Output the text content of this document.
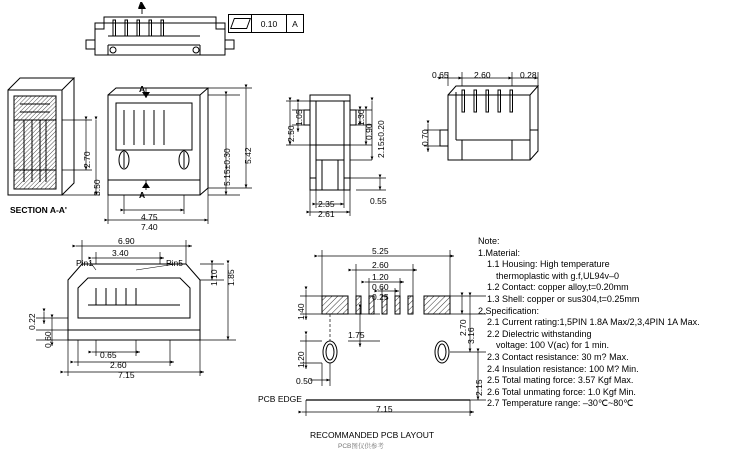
0.10	A
A
A
A
SECTION A-A'
2.70
3.50
4.75
7.40
5.15±0.30 5.42
1.05
2.50
1.30
0.90 2.15±0.20
2.35
2.61
0.55
0.65	2.60	0.28
0.70
6.90
3.40
Pin1	Pin5
1.10 1.85
0.22
0.60
0.65
2.60
7.15
5.25
2.60
1.20
0.60
0.25
1.40
1.20
1.75	2.70
3.16
2.15
0.50
7.15
PCB EDGE
RECOMMANDED PCB LAYOUT
PCB图仅供参考
Note:
1.Material:
1.1 Housing: High temperature
thermoplastic with g.f,UL94v–0
1.2 Contact: copper alloy,t=0.20mm
1.3 Shell: copper or sus304,t=0.25mm
2.Specification:
2.1 Current rating:1,5PIN 1.8A Max/2,3,4PIN 1A Max.
2.2 Dielectric withstanding
voltage: 100 V(ac) for 1 min.
2.3 Contact resistance: 30 m? Max.
2.4 Insulation resistance: 100 M? Min.
2.5 Total mating force: 3.57 Kgf Max.
2.6 Total unmating force: 1.0 Kgf Min.
2.7 Temperature range: –30℃~80℃
